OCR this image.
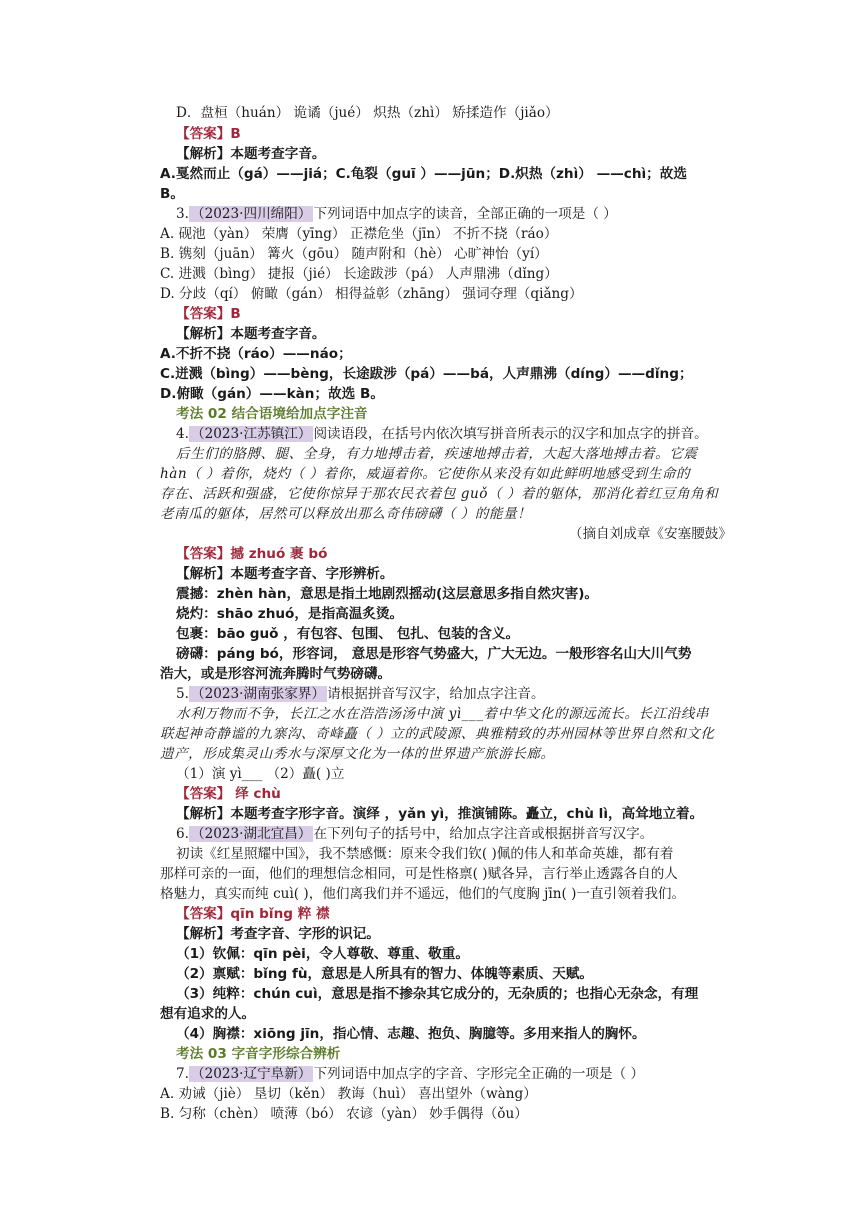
D．盘桓（huán） 诡谲（jué） 炽热（zhì） 矫揉造作（jiǎo）
【答案】B
【解析】本题考查字音。
A.戛然而止（gá）——jiá；C.龟裂（guī ）——jūn；D.炽热（zhì） ——chì；故选
B。
3. （2023·四川绵阳） 下列词语中加点字的读音，全部正确的一项是（ ）
A. 砚池（yàn） 荣膺（yīng） 正襟危坐（jīn） 不折不挠（ráo）
B. 镌刻（juān） 篝火（gōu） 随声附和（hè） 心旷神怡（yí）
C. 进溅（bìng） 捷报（jié） 长途跋涉（pá） 人声鼎沸（dǐng）
D. 分歧（qí） 俯瞰（gán） 相得益彰（zhāng） 强词夺理（qiǎng）
【答案】B
【解析】本题考查字音。
A.不折不挠（ráo）——náo；
C.迸溅（bìng）——bèng，长途跋涉（pá）——bá，人声鼎沸（díng）——dǐng；
D.俯瞰（gán）——kàn；故选 B。
考法 02 结合语境给加点字注音
4. （2023·江苏镇江） 阅读语段，在括号内依次填写拼音所表示的汉字和加点字的拼音。
后生们的胳膊、腿、全身，有力地搏击着，疾速地搏击着，大起大落地搏击着。它震
hàn（ ）着你，烧灼（ ）着你，威逼着你。它使你从来没有如此鲜明地感受到生命的
存在、活跃和强盛，它使你惊异于那农民衣着包 guǒ（ ）着的躯体，那消化着红豆角角和
老南瓜的躯体，居然可以释放出那么奇伟磅礴（ ）的能量！
（摘自刘成章《安塞腰鼓》
【答案】撼 zhuó 裹 bó
【解析】本题考查字音、字形辨析。
震撼：zhèn hàn，意思是指土地剧烈摇动(这层意思多指自然灾害)。
烧灼：shāo zhuó，是指高温炙烫。
包裹：bāo guǒ ，有包容、包围、 包扎、包装的含义。
磅礴：páng bó，形容词， 意思是形容气势盛大，广大无边。一般形容名山大川气势
浩大，或是形容河流奔腾时气势磅礴。
5. （2023·湖南张家界） 请根据拼音写汉字，给加点字注音。
水利万物而不争，长江之水在浩浩汤汤中演 yì___着中华文化的源远流长。长江沿线串
联起神奇静谧的九寨沟、奇峰矗（ ）立的武陵源、典雅精致的苏州园林等世界自然和文化
遗产，形成集灵山秀水与深厚文化为一体的世界遗产旅游长廊。
（1）演 yì___ （2）矗( )立
【答案】 绎 chù
【解析】本题考查字形字音。演绎 ，yǎn yì，推演铺陈。矗立，chù lì，高耸地立着。
6. （2023·湖北宜昌） 在下列句子的括号中，给加点字注音或根据拼音写汉字。
初读《红星照耀中国》，我不禁感慨：原来令我们钦( )佩的伟人和革命英雄，都有着
那样可亲的一面，他们的理想信念相同，可是性格禀( )赋各异，言行举止透露各自的人
格魅力，真实而纯 cuì( )，他们离我们并不遥远，他们的气度胸 jīn( )一直引领着我们。
【答案】qīn bǐng 粹 襟
【解析】考查字音、字形的识记。
（1）钦佩：qīn pèi，令人尊敬、尊重、敬重。
（2）禀赋：bǐng fù，意思是人所具有的智力、体魄等素质、天赋。
（3）纯粹：chún cuì，意思是指不掺杂其它成分的，无杂质的；也指心无杂念，有理
想有追求的人。
（4）胸襟：xiōng jīn，指心情、志趣、抱负、胸臆等。多用来指人的胸怀。
考法 03 字音字形综合辨析
7. （2023·辽宁阜新） 下列词语中加点字的字音、字形完全正确的一项是（ ）
A. 劝诫（jiè） 垦切（kěn） 教诲（huì） 喜出望外（wàng）
B. 匀称（chèn） 喷薄（bó） 农谚（yàn） 妙手偶得（ǒu）
